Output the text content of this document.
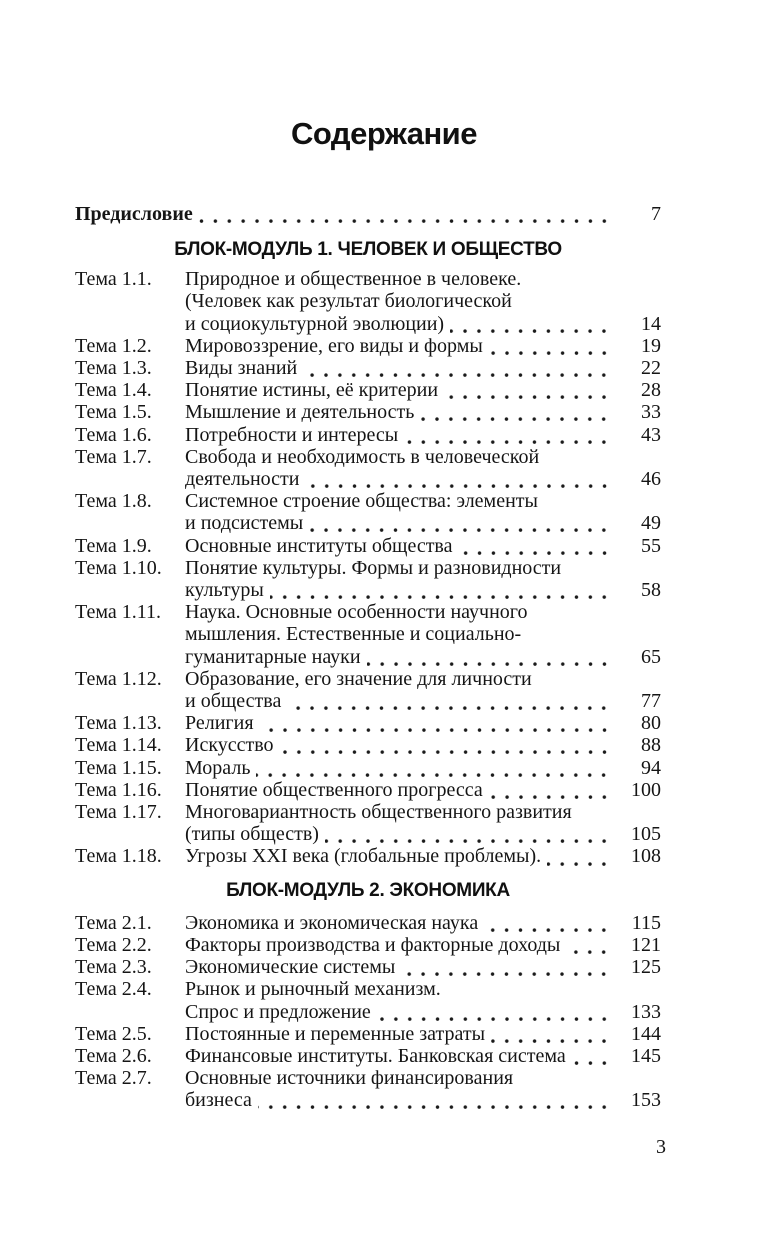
Содержание
Предисловие	7
БЛОК-МОДУЛЬ 1. ЧЕЛОВЕК И ОБЩЕСТВО
Тема 1.1.	Природное и общественное в человеке.
(Человек как результат биологической
и социокультурной эволюции)	14
Тема 1.2.	Мировоззрение, его виды и формы	19
Тема 1.3.	Виды знаний	22
Тема 1.4.	Понятие истины, её критерии	28
Тема 1.5.	Мышление и деятельность	33
Тема 1.6.	Потребности и интересы	43
Тема 1.7.	Свобода и необходимость в человеческой
деятельности	46
Тема 1.8.	Системное строение общества: элементы
и подсистемы	49
Тема 1.9.	Основные институты общества	55
Тема 1.10.	Понятие культуры. Формы и разновидности
культуры	58
Тема 1.11.	Наука. Основные особенности научного
мышления. Естественные и социально-
гуманитарные науки	65
Тема 1.12.	Образование, его значение для личности
и общества	77
Тема 1.13.	Религия	80
Тема 1.14.	Искусство	88
Тема 1.15.	Мораль	94
Тема 1.16.	Понятие общественного прогресса	100
Тема 1.17.	Многовариантность общественного развития
(типы обществ)	105
Тема 1.18.	Угрозы XXI века (глобальные проблемы).	108
БЛОК-МОДУЛЬ 2. ЭКОНОМИКА
Тема 2.1.	Экономика и экономическая наука	115
Тема 2.2.	Факторы производства и факторные доходы	121
Тема 2.3.	Экономические системы	125
Тема 2.4.	Рынок и рыночный механизм.
Спрос и предложение	133
Тема 2.5.	Постоянные и переменные затраты	144
Тема 2.6.	Финансовые институты. Банковская система	145
Тема 2.7.	Основные источники финансирования
бизнеса	153
3
